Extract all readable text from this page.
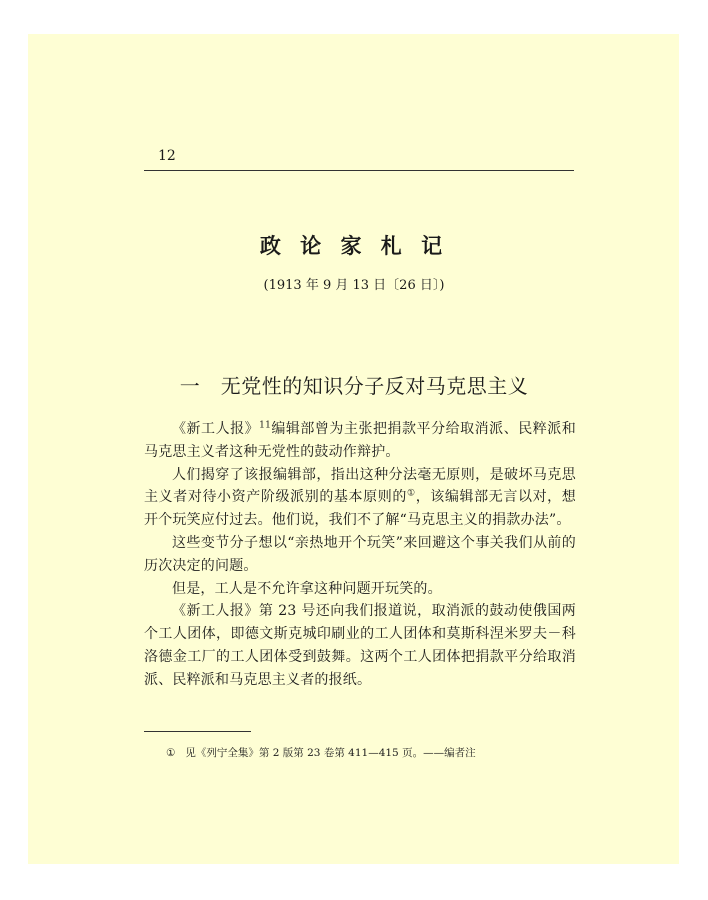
12
政 论 家 札 记
(1913 年 9 月 13 日〔26 日〕)
一　无党性的知识分子反对马克思主义

《新工人报》$^{11}$编辑部曾为主张把捐款平分给取消派、民粹派和马克思主义者这种无党性的鼓动作辩护。

人们揭穿了该报编辑部，指出这种分法毫无原则，是破坏马克思主义者对待小资产阶级派别的基本原则的①，该编辑部无言以对，想开个玩笑应付过去。他们说，我们不了解“马克思主义的捐款办法”。

这些变节分子想以“亲热地开个玩笑”来回避这个事关我们从前的历次决定的问题。

但是，工人是不允许拿这种问题开玩笑的。

《新工人报》第 23 号还向我们报道说，取消派的鼓动使俄国两个工人团体，即德文斯克城印刷业的工人团体和莫斯科涅米罗夫－科洛德金工厂的工人团体受到鼓舞。这两个工人团体把捐款平分给取消派、民粹派和马克思主义者的报纸。

① 见《列宁全集》第 2 版第 23 卷第 411—415 页。——编者注
